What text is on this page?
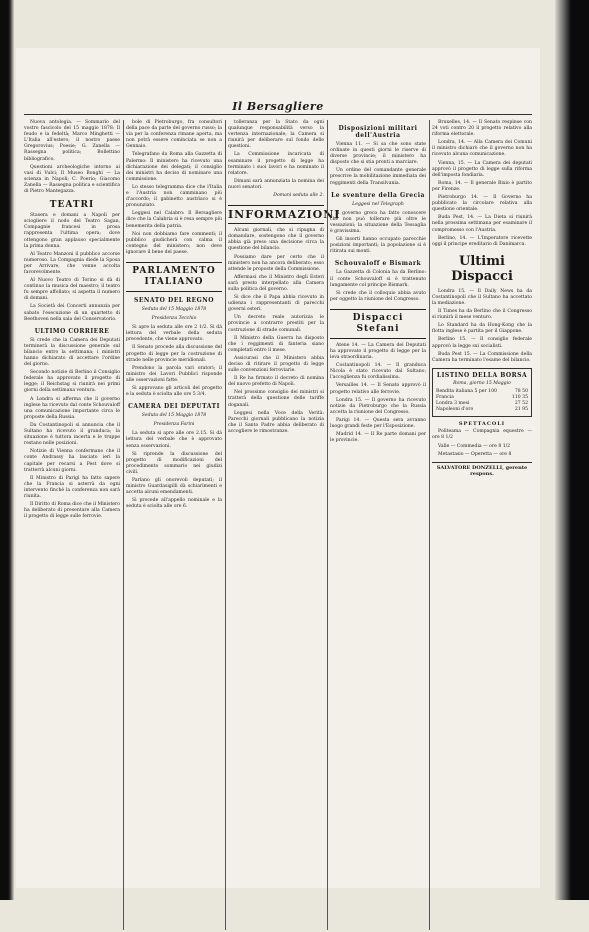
Il Bersagliere

Nuova antologia. — Sommario del vostro fascicolo del 15 maggio 1878: Il feudo e la fedeltà; Marco Minghetti — L'Italia all'estero; il nostro paese Gregorovius; Poesie; G. Zanella — Rassegna politica; Bollettino bibliografico.

Questioni archeologiche intorno ai vasi di Vulci; Il Museo Bonghi — La scienza in Napoli; C. Poerio; Giacomo Zanella — Rassegna politica e scientifica di Pietro Mantegazza.

TEATRI

Stasera e domani a Napoli per sciogliere il nodo del Teatro Sagan, Compagnie francesi in prosa rappresenta l'ultima opera; dove ottengono gran applauso specialmente la prima donna.

Al Teatro Manzoni il pubblico accorse numeroso. La Compagnia diede la Sposa per Arrivare, che venne accolta favorevolmente.

Al Nuovo Teatro di Torino si dà di continuo la musica del maestro; il teatro fu sempre affollato; si aspetta il numero di domani.

La Società dei Concerti annunzia per sabato l'esecuzione di un quartetto di Beethoven nella sala del Conservatorio.

ULTIMO CORRIERE

Si crede che la Camera dei Deputati terminerà la discussione generale sul bilancio entro la settimana; i ministri hanno dichiarato di accettare l'ordine del giorno.

Secondo notizie di Berlino il Consiglio federale ha approvato il progetto di legge; il Reichstag si riunirà nei primi giorni della settimana ventura.

A Londra si afferma che il governo inglese ha ricevuto dal conte Schouvaloff una comunicazione importante circa le proposte della Russia.

Da Costantinopoli si annuncia che il Sultano ha ricevuto il granduca; la situazione è tuttora incerta e le truppe restano nelle posizioni.

Notizie di Vienna confermano che il conte Andrassy ha lasciato ieri la capitale per recarsi a Pest dove si tratterrà alcuni giorni.

Il Ministro di Parigi ha fatto sapere che la Francia si asterrà da ogni intervento finché la conferenza non sarà riunita.

Il Diritto di Roma dice che il Ministero ha deliberato di presentare alla Camera il progetto di legge sulle ferrovie.

bole di Pietroburgo, fra consultori della pace da parte del governo russo; la via per la conferenza rimane aperta, ma non potrà essere cominciata se non a Gennaio.

Telegrafano da Roma alla Gazzetta di Palermo: Il ministero ha ricevuto una dichiarazione dei delegati; il consiglio dei ministri ha deciso di nominare una commissione.

Lo stesso telegramma dice che l'Italia e l'Austria non camminano più d'accordo; il gabinetto austriaco si è pronunziato.

Leggesi nel Calabro: Il Bersagliere dice che la Calabria si è resa sempre più benemerita della patria.

Noi non dobbiamo fare commenti; il pubblico giudicherà con calma il contegno del ministero; non deve ignorare il bene del paese.

PARLAMENTO ITALIANO
SENATO DEL REGNO

Seduta del 15 Maggio 1878

Presidenza Tecchio

Si apre la seduta alle ore 2 1/2. Si dà lettura del verbale della seduta precedente, che viene approvato.

Il Senato procede alla discussione del progetto di legge per la costruzione di strade nelle provincie meridionali.

Prendono la parola vari oratori; il ministro dei Lavori Pubblici risponde alle osservazioni fatte.

Si approvano gli articoli del progetto e la seduta è sciolta alle ore 5 3/4.

CAMERA DEI DEPUTATI

Seduta del 15 Maggio 1878

Presidenza Farini

La seduta si apre alle ore 2.15. Si dà lettura del verbale che è approvato senza osservazioni.

Si riprende la discussione del progetto di modificazioni del procedimento sommario nei giudizi civili.

Parlano gli onorevoli deputati; il ministro Guardasigilli dà schiarimenti e accetta alcuni emendamenti.

Si procede all'appello nominale e la seduta è sciolta alle ore 6.

tolleranza per la Stato da ogni qualunque responsabilità verso la vertenza internazionale; la Camera si riunirà per deliberare sul fondo delle questioni.

La Commissione incaricata di esaminare il progetto di legge ha terminato i suoi lavori e ha nominato il relatore.

Dimani sarà annunziata la nomina dei nuovi senatori.

Domani seduta alle 2.

INFORMAZIONI

Alcuni giornali, che si ripugna di domandare, sostengono che il governo abbia già preso una decisione circa la questione del bilancio.

Possiamo dare per certo che il ministero non ha ancora deliberato; esso attende le proposte della Commissione.

Affermasi che il Ministro degli Esteri sarà presto interpellato alla Camera sulla politica del governo.

Si dice che il Papa abbia ricevuto in udienza i rappresentanti di parecchi governi esteri.

Un decreto reale autorizza le provincie a contrarre prestiti per la costruzione di strade comunali.

Il Ministro della Guerra ha disposto che i reggimenti di fanteria siano completati entro il mese.

Assicurasi che il Ministero abbia deciso di ritirare il progetto di legge sulle convenzioni ferroviarie.

Il Re ha firmato il decreto di nomina del nuovo prefetto di Napoli.

Nel prossimo consiglio dei ministri si tratterà della questione delle tariffe doganali.

Leggesi nella Voce della Verità: Parecchi giornali pubblicano la notizia che il Santo Padre abbia deliberato di accogliere le rimostranze.

Disposizioni militari dell'Austria

Vienna 11. — Si sa che sono state ordinate in questi giorni le riserve di diverse provincie; il ministero ha disposto che si stia pronti a marciare.

Un ordine del comandante generale prescrive la mobilitazione immediata dei reggimenti della Transilvania.

Le sventure della Grecia

Leggesi nel Telegraph

Il governo greco ha fatto conoscere che non può tollerare più oltre le vessazioni; la situazione della Tessaglia è gravissima.

Gli insorti hanno occupato parecchie posizioni importanti; la popolazione si è ritirata sui monti.

Schouvaloff e Bismark

La Gazzetta di Colonia ha da Berlino: il conte Schouvaloff si è trattenuto lungamente col principe Bismark.

Si crede che il colloquio abbia avuto per oggetto la riunione del Congresso.

Dispacci Stefani

Atene 14. — La Camera dei Deputati ha approvato il progetto di legge per la leva straordinaria.

Costantinopoli 14. — Il granduca Nicola è stato ricevuto dal Sultano; l'accoglienza fu cordialissima.

Versailles 14. — Il Senato approvò il progetto relativo alle ferrovie.

Londra 15. — Il governo ha ricevuto notizie da Pietroburgo che la Russia accetta la riunione del Congresso.

Parigi 14. — Questa sera avranno luogo grandi feste per l'Esposizione.

Madrid 14. — Il Re parte domani per le provincie.

Bruxelles, 14. — Il Senato respinse con 24 voti contro 20 il progetto relativo alla riforma elettorale.

Londra, 14. — Alla Camera dei Comuni il ministro dichiarò che il governo non ha ricevuto alcuna comunicazione.

Vienna, 15. — La Camera dei deputati approvò il progetto di legge sulla riforma dell'imposta fondiaria.

Roma, 14. — Il generale Bixio è partito per Firenze.

Pietroburgo 14. — Il Governo ha pubblicato la circolare relativa alla questione orientale.

Buda Pest, 14. — La Dieta si riunirà nella prossima settimana per esaminare il compromesso con l'Austria.

Berlino, 14. — L'Imperatore ricevette oggi il principe ereditario di Danimarca.

Ultimi Dispacci

Londra 15. — Il Daily News ha da Costantinopoli che il Sultano ha accettato la mediazione.

Il Times ha da Berlino che il Congresso si riunirà il mese venturo.

Lo Standard ha da Hong-Kong che la flotta inglese è partita per il Giappone.

Berlino 15. — Il consiglio federale approvò la legge sui socialisti.

Buda Pest 15. — La Commissione della Camera ha terminato l'esame del bilancio.

LISTINO DELLA BORSA

Roma, giorno 15 Maggio

Rendita italiana 5 per 100	78 50
Francia	110 35
Londra 3 mesi	27 52
Napoleoni d'oro	21 95
SPETTACOLI

Politeama — Compagnia equestre — ore 8 1/2

Valle — Commedia — ore 8 1/2

Metastasio — Operetta — ore 8

SALVATORE DONZELLI, gerente respons.
